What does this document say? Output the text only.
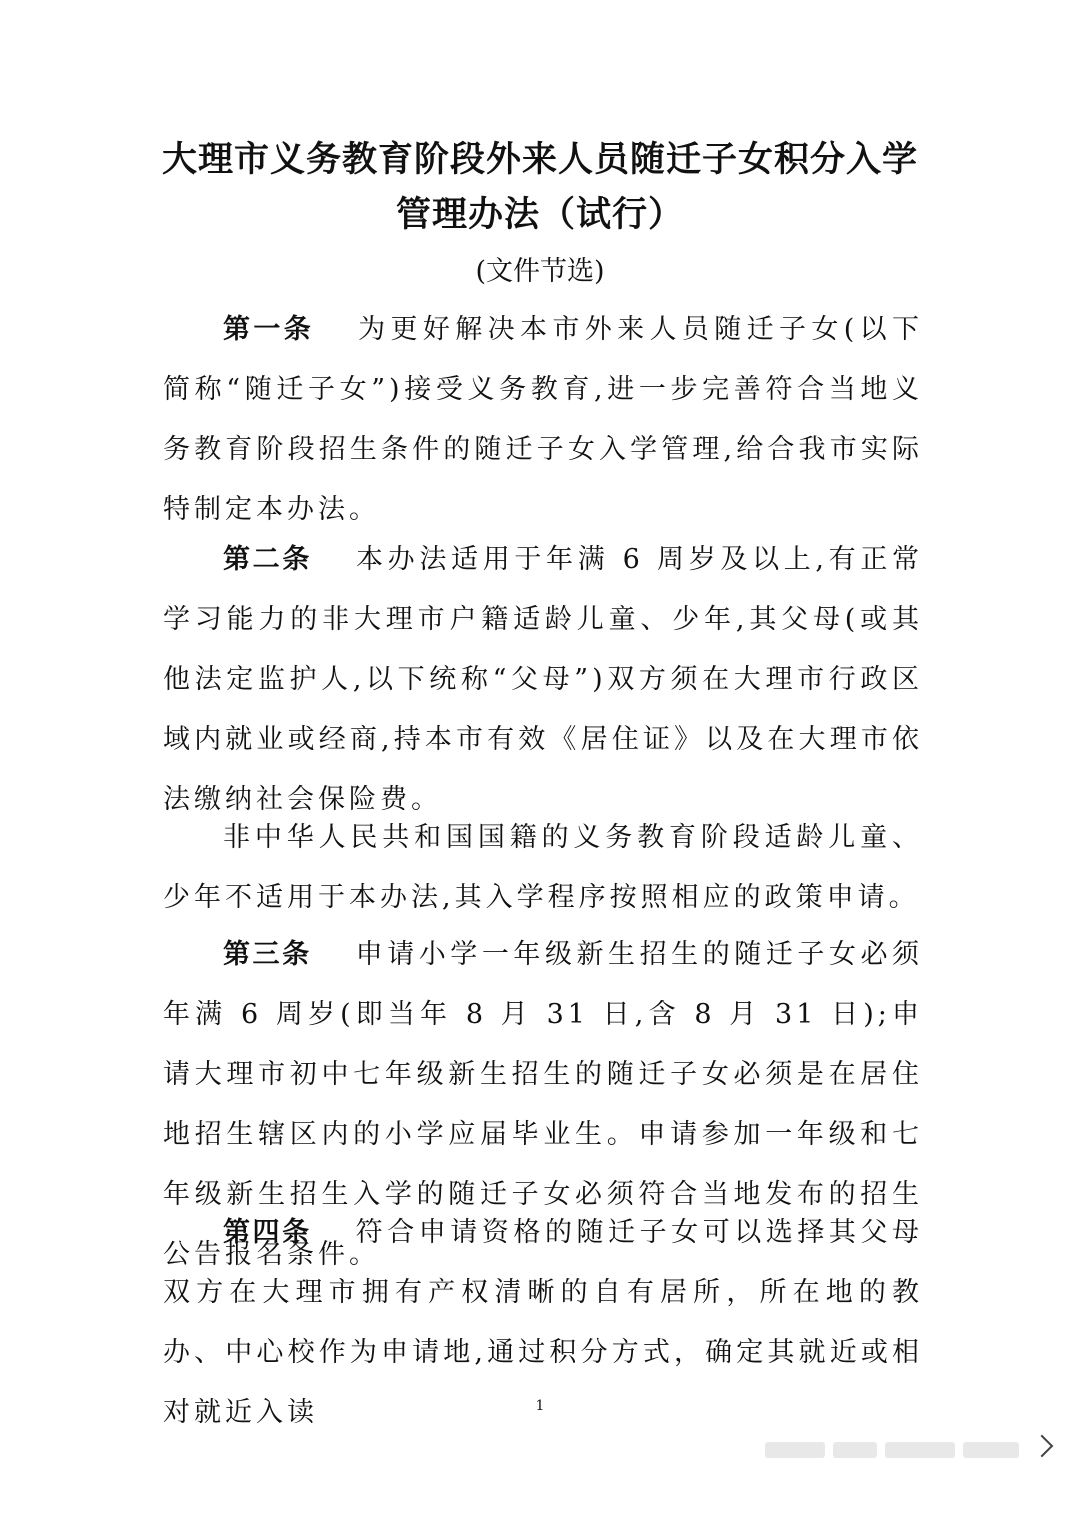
大理市义务教育阶段外来人员随迁子女积分入学
管理办法（试行）
(文件节选)

第一条 为更好解决本市外来人员随迁子女(以下简称“随迁子女”)接受义务教育,进一步完善符合当地义务教育阶段招生条件的随迁子女入学管理,给合我市实际特制定本办法。

第二条 本办法适用于年满 6 周岁及以上,有正常学习能力的非大理市户籍适龄儿童、少年,其父母(或其他法定监护人,以下统称“父母”)双方须在大理市行政区域内就业或经商,持本市有效《居住证》以及在大理市依法缴纳社会保险费。

非中华人民共和国国籍的义务教育阶段适龄儿童、少年不适用于本办法,其入学程序按照相应的政策申请。

第三条 申请小学一年级新生招生的随迁子女必须年满 6 周岁(即当年 8 月 31 日,含 8 月 31 日);申请大理市初中七年级新生招生的随迁子女必须是在居住地招生辖区内的小学应届毕业生。申请参加一年级和七年级新生招生入学的随迁子女必须符合当地发布的招生公告报名条件。

第四条 符合申请资格的随迁子女可以选择其父母双方在大理市拥有产权清晰的自有居所，所在地的教办、中心校作为申请地,通过积分方式，确定其就近或相对就近入读	1
